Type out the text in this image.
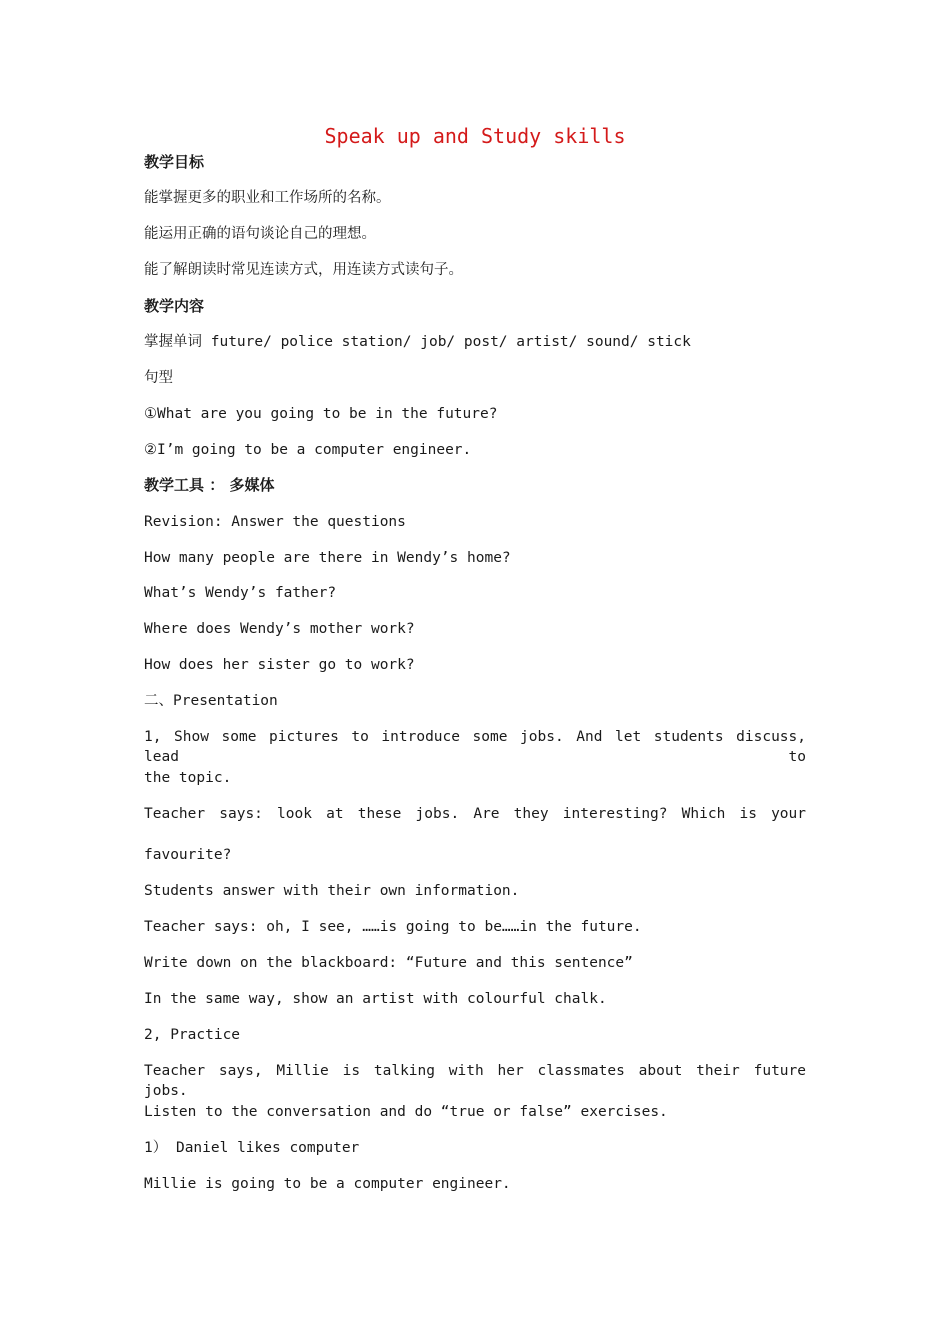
Speak up and Study skills
教学目标
能掌握更多的职业和工作场所的名称。
能运用正确的语句谈论自己的理想。
能了解朗读时常见连读方式，用连读方式读句子。
教学内容
掌握单词 future/ police station/ job/ post/ artist/ sound/ stick
句型
①What are you going to be in the future?
②I’m going to be a computer engineer.
教学工具 ： 多媒体
Revision: Answer the questions
How many people are there in Wendy’s home?
What’s Wendy’s father?
Where does Wendy’s mother work?
How does her sister go to work?
二、Presentation
1, Show some pictures to introduce some jobs. And let students discuss, lead to
the topic.
Teacher says: look at these jobs. Are they interesting? Which is your
favourite?
Students answer with their own information.
Teacher says: oh, I see, ……is going to be……in the future.
Write down on the blackboard: “Future and this sentence”
In the same way, show an artist with colourful chalk.
2, Practice
Teacher says, Millie is talking with her classmates about their future jobs.
Listen to the conversation and do “true or false” exercises.
1） Daniel likes computer
Millie is going to be a computer engineer.
